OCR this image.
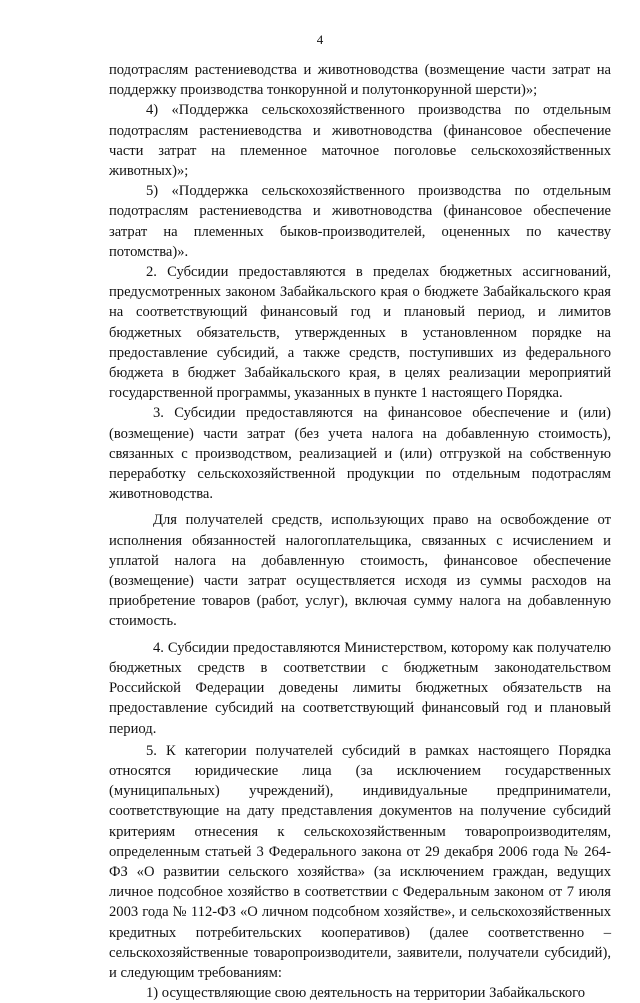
4

подотраслям растениеводства и животноводства (возмещение части затрат на поддержку производства тонкорунной и полутонкорунной шерсти)»;

4) «Поддержка сельскохозяйственного производства по отдельным подотраслям растениеводства и животноводства (финансовое обеспечение части затрат на племенное маточное поголовье сельскохозяйственных животных)»;

5) «Поддержка сельскохозяйственного производства по отдельным подотраслям растениеводства и животноводства (финансовое обеспечение затрат на племенных быков-производителей, оцененных по качеству потомства)».

2. Субсидии предоставляются в пределах бюджетных ассигнований, предусмотренных законом Забайкальского края о бюджете Забайкальского края на соответствующий финансовый год и плановый период, и лимитов бюджетных обязательств, утвержденных в установленном порядке на предоставление субсидий, а также средств, поступивших из федерального бюджета в бюджет Забайкальского края, в целях реализации мероприятий государственной программы, указанных в пункте 1 настоящего Порядка.

3. Субсидии предоставляются на финансовое обеспечение и (или) (возмещение) части затрат (без учета налога на добавленную стоимость), связанных с производством, реализацией и (или) отгрузкой на собственную переработку сельскохозяйственной продукции по отдельным подотраслям животноводства.

Для получателей средств, использующих право на освобождение от исполнения обязанностей налогоплательщика, связанных с исчислением и уплатой налога на добавленную стоимость, финансовое обеспечение (возмещение) части затрат осуществляется исходя из суммы расходов на приобретение товаров (работ, услуг), включая сумму налога на добавленную стоимость.

4. Субсидии предоставляются Министерством, которому как получателю бюджетных средств в соответствии с бюджетным законодательством Российской Федерации доведены лимиты бюджетных обязательств на предоставление субсидий на соответствующий финансовый год и плановый период.

5. К категории получателей субсидий в рамках настоящего Порядка относятся юридические лица (за исключением государственных (муниципальных) учреждений), индивидуальные предприниматели, соответствующие на дату представления документов на получение субсидий критериям отнесения к сельскохозяйственным товаропроизводителям, определенным статьей 3 Федерального закона от 29 декабря 2006 года № 264-ФЗ «О развитии сельского хозяйства» (за исключением граждан, ведущих личное подсобное хозяйство в соответствии с Федеральным законом от 7 июля 2003 года № 112-ФЗ «О личном подсобном хозяйстве», и сельскохозяйственных кредитных потребительских кооперативов) (далее соответственно – сельскохозяйственные товаропроизводители, заявители, получатели субсидий), и следующим требованиям:

1) осуществляющие свою деятельность на территории Забайкальского
